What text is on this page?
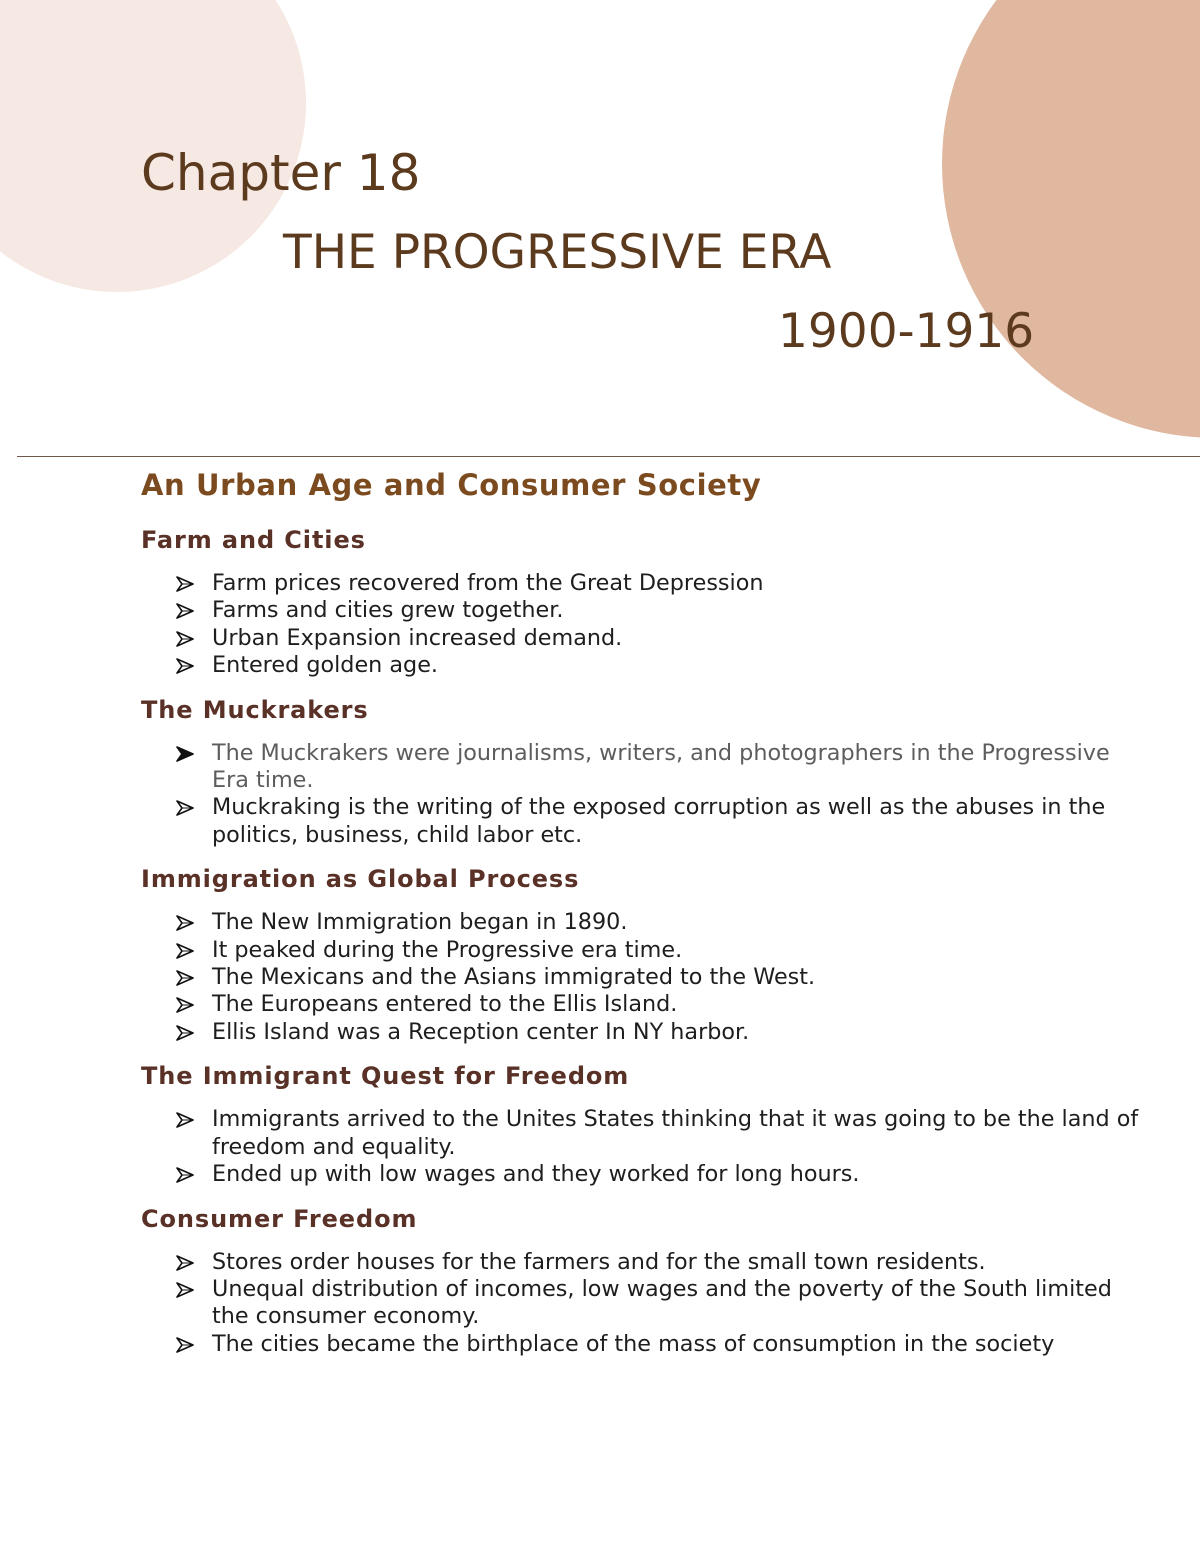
Chapter 18
THE PROGRESSIVE ERA
1900-1916
An Urban Age and Consumer Society
Farm and Cities
Farm prices recovered from the Great Depression
Farms and cities grew together.
Urban Expansion increased demand.
Entered golden age.
The Muckrakers
The Muckrakers were journalisms, writers, and photographers in the Progressive Era time.
Muckraking is the writing of the exposed corruption as well as the abuses in the politics, business, child labor etc.
Immigration as Global Process
The New Immigration began in 1890.
It peaked during the Progressive era time.
The Mexicans and the Asians immigrated to the West.
The Europeans entered to the Ellis Island.
Ellis Island was a Reception center In NY harbor.
The Immigrant Quest for Freedom
Immigrants arrived to the Unites States thinking that it was going to be the land of freedom and equality.
Ended up with low wages and they worked for long hours.
Consumer Freedom
Stores order houses for the farmers and for the small town residents.
Unequal distribution of incomes, low wages and the poverty of the South limited the consumer economy.
The cities became the birthplace of the mass of consumption in the society
